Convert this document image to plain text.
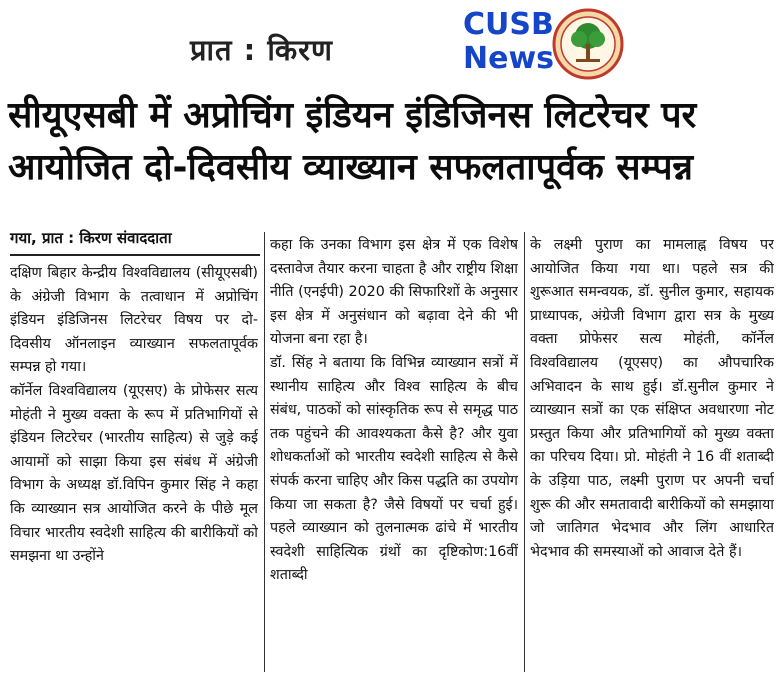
प्रात : किरण
CUSB
News
सीयूएसबी में अप्रोचिंग इंडियन इंडिजिनस लिटरेचर पर
आयोजित दो-दिवसीय व्याख्यान सफलतापूर्वक सम्पन्न
गया, प्रात : किरण संवाददाता

दक्षिण बिहार केन्द्रीय विश्वविद्यालय (सीयूएसबी) के अंग्रेजी विभाग के तत्वाधान में अप्रोचिंग इंडियन इंडिजिनस लिटरेचर विषय पर दो-दिवसीय ऑनलाइन व्याख्यान सफलतापूर्वक सम्पन्न हो गया।

कॉर्नेल विश्वविद्यालय (यूएसए) के प्रोफेसर सत्य मोहंती ने मुख्य वक्ता के रूप में प्रतिभागियों से इंडियन लिटरेचर (भारतीय साहित्य) से जुड़े कई आयामों को साझा किया इस संबंध में अंग्रेजी विभाग के अध्यक्ष डॉ.विपिन कुमार सिंह ने कहा कि व्याख्यान सत्र आयोजित करने के पीछे मूल विचार भारतीय स्वदेशी साहित्य की बारीकियों को समझना था उन्होंने

कहा कि उनका विभाग इस क्षेत्र में एक विशेष दस्तावेज तैयार करना चाहता है और राष्ट्रीय शिक्षा नीति (एनईपी) 2020 की सिफारिशों के अनुसार इस क्षेत्र में अनुसंधान को बढ़ावा देने की भी योजना बना रहा है।

डॉ. सिंह ने बताया कि विभिन्न व्याख्यान सत्रों में स्थानीय साहित्य और विश्व साहित्य के बीच संबंध, पाठकों को सांस्कृतिक रूप से समृद्ध पाठ तक पहुंचने की आवश्यकता कैसे है? और युवा शोधकर्ताओं को भारतीय स्वदेशी साहित्य से कैसे संपर्क करना चाहिए और किस पद्धति का उपयोग किया जा सकता है? जैसे विषयों पर चर्चा हुई। पहले व्याख्यान को तुलनात्मक ढांचे में भारतीय स्वदेशी साहित्यिक ग्रंथों का दृष्टिकोण:16वीं शताब्दी

के लक्ष्मी पुराण का मामलाह्न विषय पर आयोजित किया गया था। पहले सत्र की शुरूआत समन्वयक, डॉ. सुनील कुमार, सहायक प्राध्यापक, अंग्रेजी विभाग द्वारा सत्र के मुख्य वक्ता प्रोफेसर सत्य मोहंती, कॉर्नेल विश्वविद्यालय (यूएसए) का औपचारिक अभिवादन के साथ हुई। डॉ.सुनील कुमार ने व्याख्यान सत्रों का एक संक्षिप्त अवधारणा नोट प्रस्तुत किया और प्रतिभागियों को मुख्य वक्ता का परिचय दिया। प्रो. मोहंती ने 16 वीं शताब्दी के उड़िया पाठ, लक्ष्मी पुराण पर अपनी चर्चा शुरू की और समतावादी बारीकियों को समझाया जो जातिगत भेदभाव और लिंग आधारित भेदभाव की समस्याओं को आवाज देते हैं।
